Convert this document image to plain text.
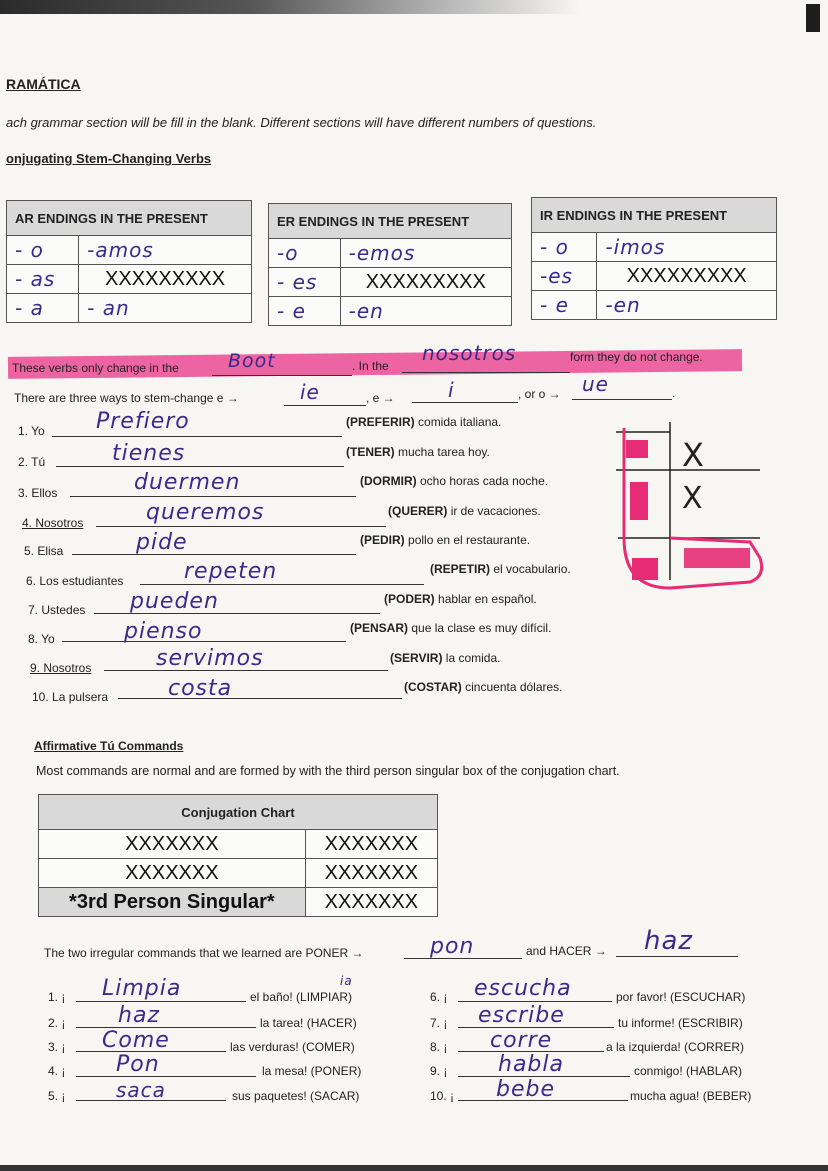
RAMÁTICA
ach grammar section will be fill in the blank. Different sections will have different numbers of questions.
onjugating Stem-Changing Verbs
AR ENDINGS IN THE PRESENT	
- o	-amos
- as	XXXXXXXXX
- a	- an
ER ENDINGS IN THE PRESENT	
-o	-emos
- es	XXXXXXXXX
- e	-en
IR ENDINGS IN THE PRESENT	
- o	-imos
-es	XXXXXXXXX
- e	-en
These verbs only change in the	Boot	. In the
nosotros	form they do not change.
There are three ways to stem-change e →	ie	, e →	i	, or o → ue	.
1. Yo Prefiero	(PREFERIR) comida italiana.
2. Tú	tienes	(TENER) mucha tarea hoy.
3. Ellos	duermen	(DORMIR) ocho horas cada noche.
4. Nosotros	queremos	(QUERER) ir de vacaciones.
5. Elisa	pide	(PEDIR) pollo en el restaurante.
6. Los estudiantes	repeten	(REPETIR) el vocabulario.
7. Ustedes pueden	(PODER) hablar en español.
8. Yo	pienso	(PENSAR) que la clase es muy difícil.
9. Nosotros	servimos	(SERVIR) la comida.
10. La pulsera	costa	(COSTAR) cincuenta dólares.
X
X
Affirmative Tú Commands
Most commands are normal and are formed by with the third person singular box of the conjugation chart.
Conjugation Chart	
XXXXXXX	XXXXXXX
XXXXXXX	XXXXXXX
*3rd Person Singular*	XXXXXXX
The two irregular commands that we learned are PONER →	pon	and HACER → haz
1. ¡ Limpia	ia
el baño! (LIMPIAR)
2. ¡ haz	la tarea! (HACER)
3. ¡ Come	las verduras! (COMER)
4. ¡ Pon	la mesa! (PONER)
5. ¡	saca	sus paquetes! (SACAR)
6. ¡ escucha	por favor! (ESCUCHAR)
7. ¡ escribe	tu informe! (ESCRIBIR)
8. ¡ corre	a la izquierda! (CORRER)
9. ¡ habla	conmigo! (HABLAR)
10. ¡ bebe	mucha agua! (BEBER)
